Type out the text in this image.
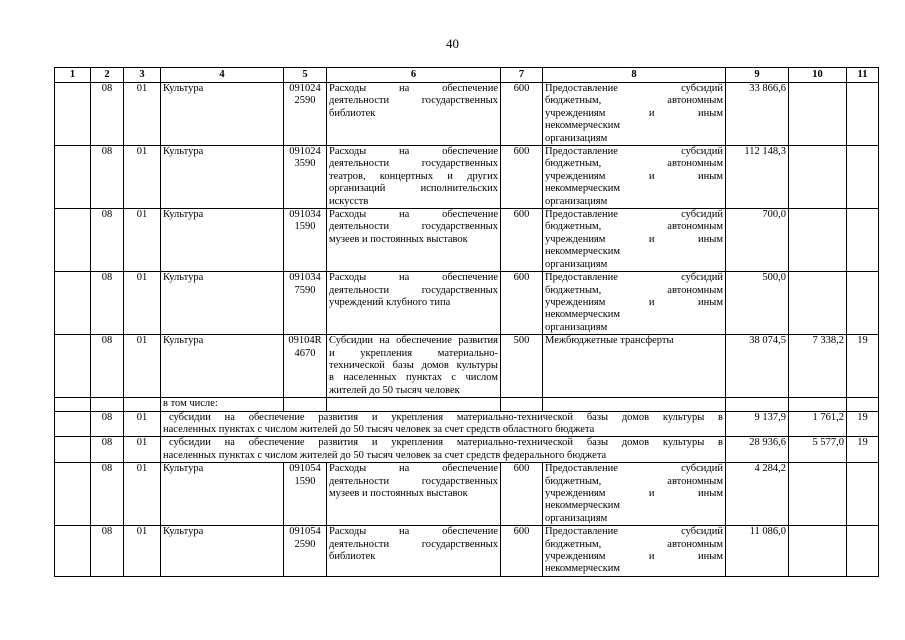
40
1	2	3	4	5	6	7	8	9	10	11
	08	01	Культура	091024
2590	Расходы на обеспечение
деятельности государственных
библиотек	600	Предоставление субсидий
бюджетным, автономным
учреждениям и иным
некоммерческим
организациям	33 866,6		
	08	01	Культура	091024
3590	Расходы на обеспечение
деятельности государственных
театров, концертных и других
организаций исполнительских
искусств	600	Предоставление субсидий
бюджетным, автономным
учреждениям и иным
некоммерческим
организациям	112 148,3		
	08	01	Культура	091034
1590	Расходы на обеспечение
деятельности государственных
музеев и постоянных выставок	600	Предоставление субсидий
бюджетным, автономным
учреждениям и иным
некоммерческим
организациям	700,0		
	08	01	Культура	091034
7590	Расходы на обеспечение
деятельности государственных
учреждений клубного типа	600	Предоставление субсидий
бюджетным, автономным
учреждениям и иным
некоммерческим
организациям	500,0		
	08	01	Культура	09104R
4670	Субсидии на обеспечение развития
и укрепления материально-
технической базы домов культуры
в населенных пунктах с числом
жителей до 50 тысяч человек	500	Межбюджетные трансферты	38 074,5	7 338,2	19
			в том числе:							
	08	01	субсидии на обеспечение развития и укрепления материально-технической базы домов культуры в
населенных пунктах с числом жителей до 50 тысяч человек за счет средств областного бюджета					9 137,9	1 761,2	19
	08	01	субсидии на обеспечение развития и укрепления материально-технической базы домов культуры в
населенных пунктах с числом жителей до 50 тысяч человек за счет средств федерального бюджета					28 936,6	5 577,0	19
	08	01	Культура	091054
1590	Расходы на обеспечение
деятельности государственных
музеев и постоянных выставок	600	Предоставление субсидий
бюджетным, автономным
учреждениям и иным
некоммерческим
организациям	4 284,2		
	08	01	Культура	091054
2590	Расходы на обеспечение
деятельности государственных
библиотек	600	Предоставление субсидий
бюджетным, автономным
учреждениям и иным
некоммерческим	11 086,0		
